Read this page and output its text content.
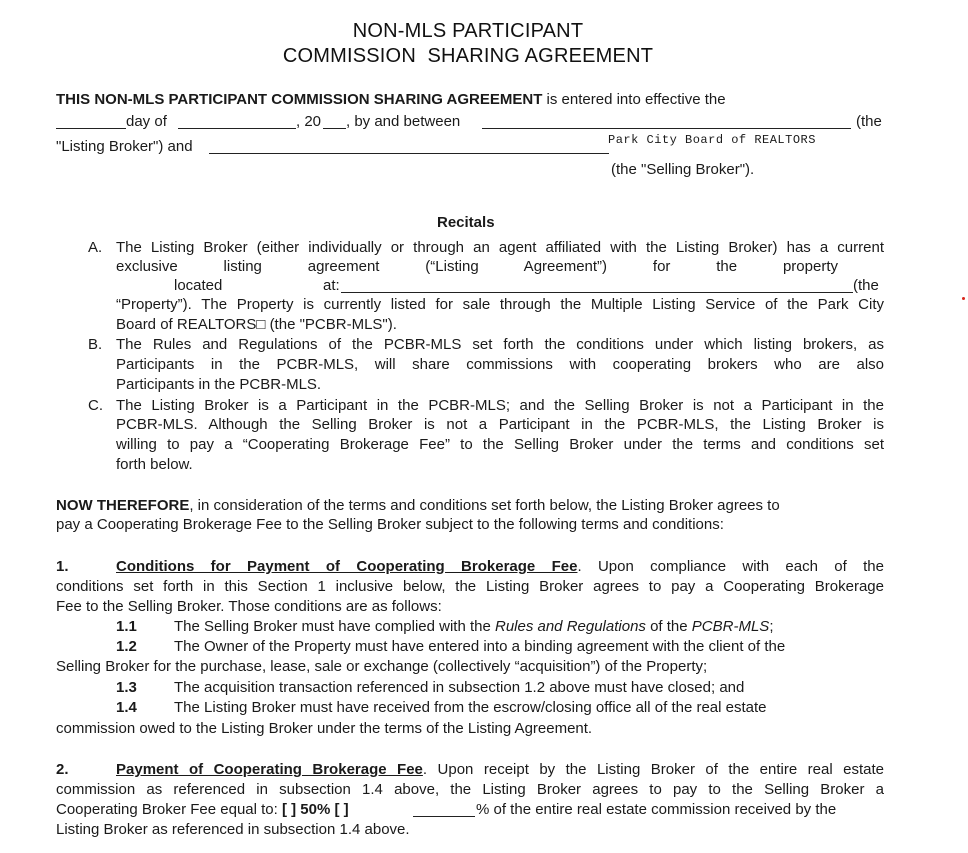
NON-MLS PARTICIPANT
COMMISSION  SHARING AGREEMENT
THIS NON-MLS PARTICIPANT COMMISSION SHARING AGREEMENT is entered into effective the
day of	, 20 , by and between	(the
"Listing Broker") and	Park City Board of REALTORS
(the "Selling Broker").
Recitals
A. The Listing Broker (either individually or through an agent affiliated with the Listing Broker) has a current
exclusive listing agreement (“Listing Agreement”) for the property
located	at:	(the
“Property”). The Property is currently listed for sale through the Multiple Listing Service of the Park City
Board of REALTORS□ (the "PCBR-MLS").
B. The Rules and Regulations of the PCBR-MLS set forth the conditions under which listing brokers, as
Participants in the PCBR-MLS, will share commissions with cooperating brokers who are also
Participants in the PCBR-MLS.
C. The Listing Broker is a Participant in the PCBR-MLS; and the Selling Broker is not a Participant in the
PCBR-MLS. Although the Selling Broker is not a Participant in the PCBR-MLS, the Listing Broker is
willing to pay a “Cooperating Brokerage Fee” to the Selling Broker under the terms and conditions set
forth below.
NOW THEREFORE, in consideration of the terms and conditions set forth below, the Listing Broker agrees to
pay a Cooperating Brokerage Fee to the Selling Broker subject to the following terms and conditions:
1.	Conditions for Payment of Cooperating Brokerage Fee. Upon compliance with each of the
conditions set forth in this Section 1 inclusive below, the Listing Broker agrees to pay a Cooperating Brokerage
Fee to the Selling Broker. Those conditions are as follows:
1.1 The Selling Broker must have complied with the Rules and Regulations of the PCBR-MLS;
1.2 The Owner of the Property must have entered into a binding agreement with the client of the
Selling Broker for the purchase, lease, sale or exchange (collectively “acquisition”) of the Property;
1.3 The acquisition transaction referenced in subsection 1.2 above must have closed; and
1.4 The Listing Broker must have received from the escrow/closing office all of the real estate
commission owed to the Listing Broker under the terms of the Listing Agreement.
2.	Payment of Cooperating Brokerage Fee. Upon receipt by the Listing Broker of the entire real estate
commission as referenced in subsection 1.4 above, the Listing Broker agrees to pay to the Selling Broker a
Cooperating Broker Fee equal to: [ ] 50% [ ]	% of the entire real estate commission received by the
Listing Broker as referenced in subsection 1.4 above.
